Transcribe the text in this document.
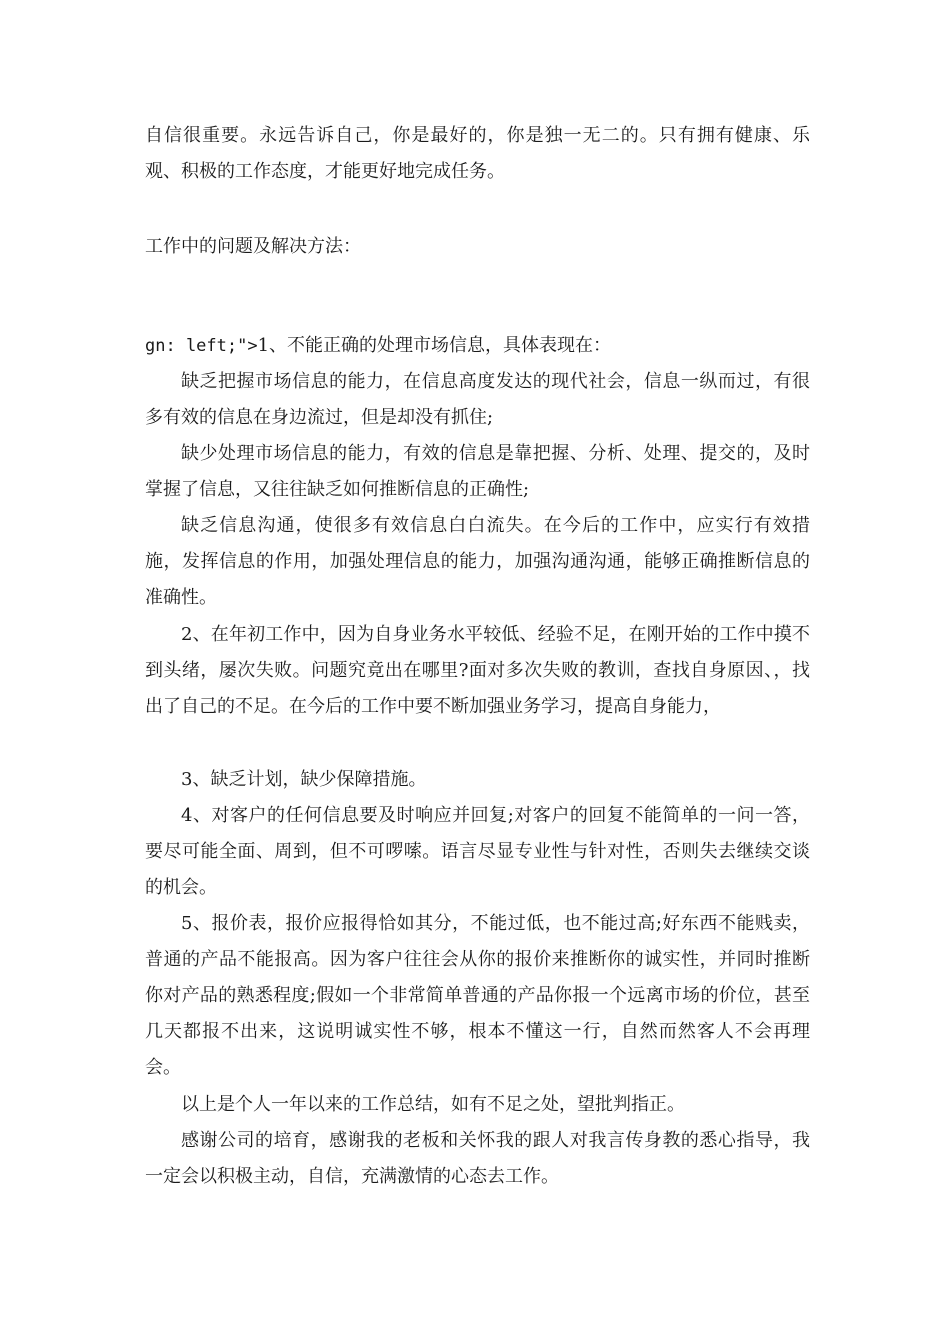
自信很重要。永远告诉自己，你是最好的，你是独一无二的。只有拥有健康、乐观、积极的工作态度，才能更好地完成任务。

工作中的问题及解决方法：

gn: left;">1、不能正确的处理市场信息，具体表现在：

缺乏把握市场信息的能力，在信息高度发达的现代社会，信息一纵而过，有很多有效的信息在身边流过，但是却没有抓住;

缺少处理市场信息的能力，有效的信息是靠把握、分析、处理、提交的，及时掌握了信息，又往往缺乏如何推断信息的正确性;

缺乏信息沟通，使很多有效信息白白流失。在今后的工作中，应实行有效措施，发挥信息的作用，加强处理信息的能力，加强沟通沟通，能够正确推断信息的准确性。

2、在年初工作中，因为自身业务水平较低、经验不足，在刚开始的工作中摸不到头绪，屡次失败。问题究竟出在哪里?面对多次失败的教训，查找自身原因、，找出了自己的不足。在今后的工作中要不断加强业务学习，提高自身能力，

3、缺乏计划，缺少保障措施。

4、对客户的任何信息要及时响应并回复;对客户的回复不能简单的一问一答，要尽可能全面、周到，但不可啰嗦。语言尽显专业性与针对性，否则失去继续交谈的机会。

5、报价表，报价应报得恰如其分，不能过低，也不能过高;好东西不能贱卖，普通的产品不能报高。因为客户往往会从你的报价来推断你的诚实性，并同时推断你对产品的熟悉程度;假如一个非常简单普通的产品你报一个远离市场的价位，甚至几天都报不出来，这说明诚实性不够，根本不懂这一行，自然而然客人不会再理会。

以上是个人一年以来的工作总结，如有不足之处，望批判指正。

感谢公司的培育，感谢我的老板和关怀我的跟人对我言传身教的悉心指导，我一定会以积极主动，自信，充满激情的心态去工作。
